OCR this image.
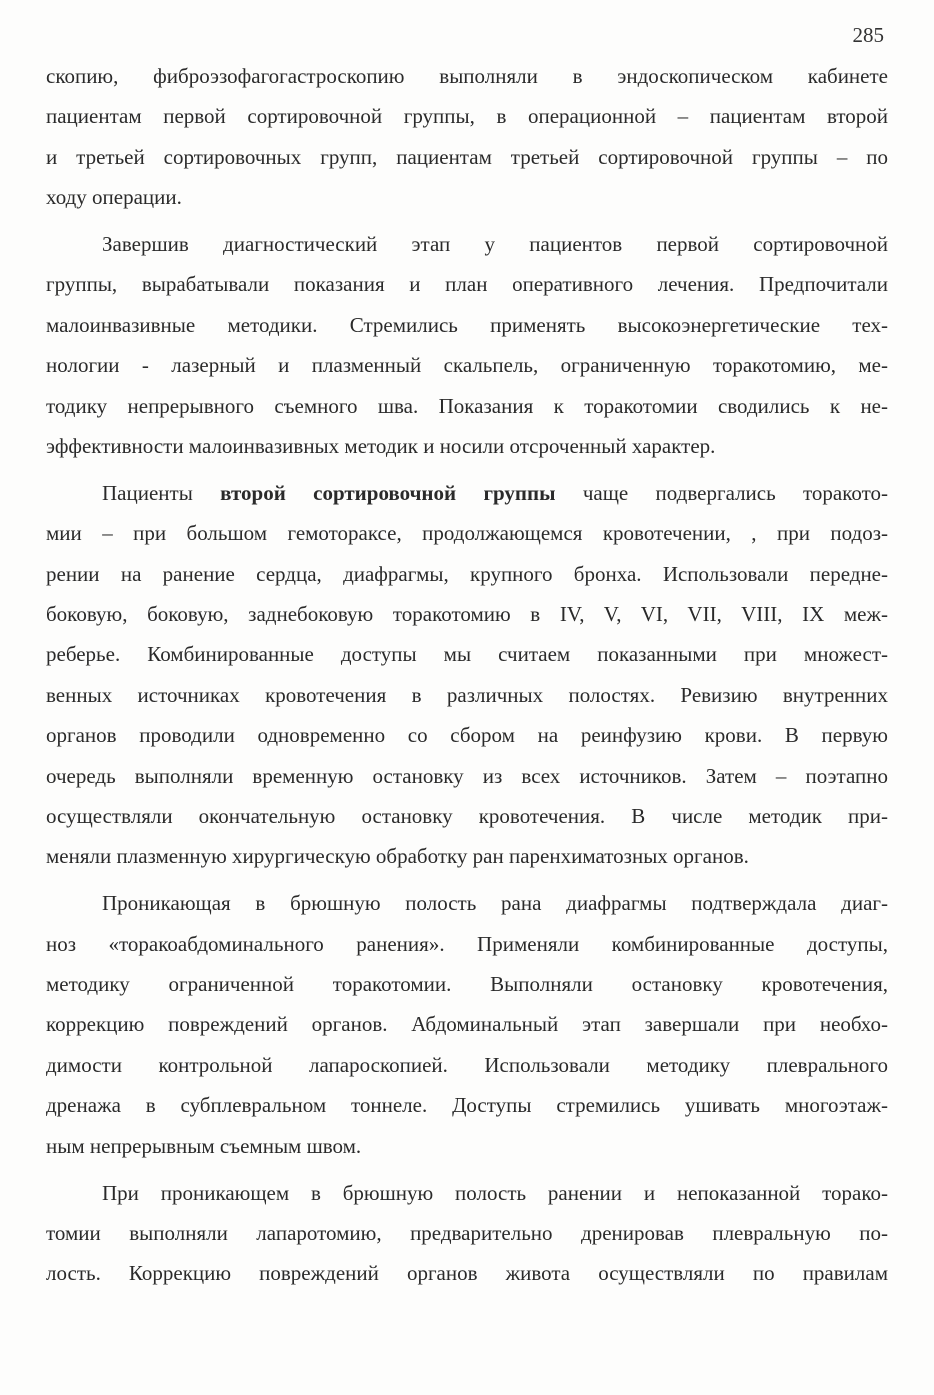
285
скопию, фиброэзофагогастроскопию выполняли в эндоскопическом кабинете
пациентам первой сортировочной группы, в операционной – пациентам второй
и третьей сортировочных групп, пациентам третьей сортировочной группы – по
ходу операции.
Завершив диагностический этап у пациентов первой сортировочной
группы, вырабатывали показания и план оперативного лечения. Предпочитали
малоинвазивные методики. Стремились применять высокоэнергетические тех-
нологии - лазерный и плазменный скальпель, ограниченную торакотомию, ме-
тодику непрерывного съемного шва. Показания к торакотомии сводились к не-
эффективности малоинвазивных методик и носили отсроченный характер.
Пациенты второй сортировочной группы чаще подвергались торакото-
мии – при большом гемотораксе, продолжающемся кровотечении, , при подоз-
рении на ранение сердца, диафрагмы, крупного бронха. Использовали передне-
боковую, боковую, заднебоковую торакотомию в IV, V, VI, VII, VIII, IX меж-
реберье. Комбинированные доступы мы считаем показанными при множест-
венных источниках кровотечения в различных полостях. Ревизию внутренних
органов проводили одновременно со сбором на реинфузию крови. В первую
очередь выполняли временную остановку из всех источников. Затем – поэтапно
осуществляли окончательную остановку кровотечения. В числе методик при-
меняли плазменную хирургическую обработку ран паренхиматозных органов.
Проникающая в брюшную полость рана диафрагмы подтверждала диаг-
ноз «торакоабдоминального ранения». Применяли комбинированные доступы,
методику ограниченной торакотомии. Выполняли остановку кровотечения,
коррекцию повреждений органов. Абдоминальный этап завершали при необхо-
димости контрольной лапароскопией. Использовали методику плеврального
дренажа в субплевральном тоннеле. Доступы стремились ушивать многоэтаж-
ным непрерывным съемным швом.
При проникающем в брюшную полость ранении и непоказанной торако-
томии выполняли лапаротомию, предварительно дренировав плевральную по-
лость. Коррекцию повреждений органов живота осуществляли по правилам
